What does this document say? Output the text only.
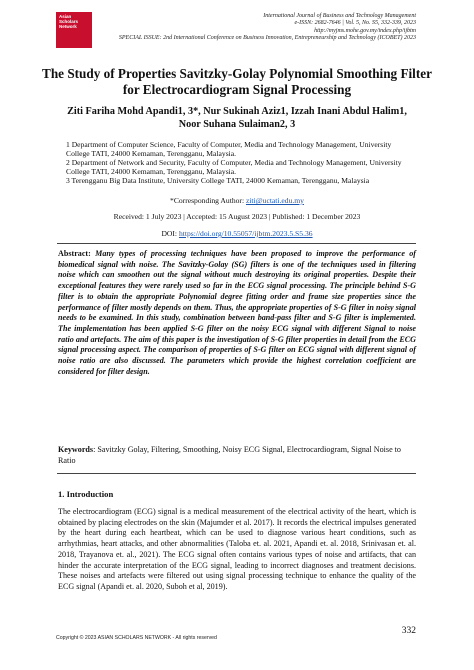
Asian
Scholars
Network
International Journal of Business and Technology Management
e-ISSN: 2682-7646 | Vol. 5, No. S5, 332-339, 2023
http://myjms.mohe.gov.my/index.php/ijbtm
SPECIAL ISSUE: 2nd International Conference on Business Innovation, Entrepreneurship and Technology (ICOBET) 2023
The Study of Properties Savitzky-Golay Polynomial Smoothing Filter for Electrocardiogram Signal Processing
Ziti Fariha Mohd Apandi1, 3*, Nur Sukinah Aziz1, Izzah Inani Abdul Halim1,
Noor Suhana Sulaiman2, 3
1 Department of Computer Science, Faculty of Computer, Media and Technology Management, University College TATI, 24000 Kemaman, Terengganu, Malaysia.
2 Department of Network and Security, Faculty of Computer, Media and Technology Management, University College TATI, 24000 Kemaman, Terengganu, Malaysia.
3 Terengganu Big Data Institute, University College TATI, 24000 Kemaman, Terengganu, Malaysia
*Corresponding Author: ziti@uctati.edu.my
Received: 1 July 2023 | Accepted: 15 August 2023 | Published: 1 December 2023
DOI: https://doi.org/10.55057/ijbtm.2023.5.S5.36
Abstract: Many types of processing techniques have been proposed to improve the performance of biomedical signal with noise. The Savitzky-Golay (SG) filters is one of the techniques used in filtering noise which can smoothen out the signal without much destroying its original properties. Despite their exceptional features they were rarely used so far in the ECG signal processing. The principle behind S-G filter is to obtain the appropriate Polynomial degree fitting order and frame size properties since the performance of filter mostly depends on them. Thus, the appropriate properties of S-G filter in noisy signal needs to be examined. In this study, combination between band-pass filter and S-G filter is implemented. The implementation has been applied S-G filter on the noisy ECG signal with different Signal to noise ratio and artefacts. The aim of this paper is the investigation of S-G filter properties in detail from the ECG signal processing aspect. The comparison of properties of S-G filter on ECG signal with different signal of noise ratio are also discussed. The parameters which provide the highest correlation coefficient are considered for filter design.
Keywords: Savitzky Golay, Filtering, Smoothing, Noisy ECG Signal, Electrocardiogram, Signal Noise to Ratio
1. Introduction
The electrocardiogram (ECG) signal is a medical measurement of the electrical activity of the heart, which is obtained by placing electrodes on the skin (Majumder et al. 2017). It records the electrical impulses generated by the heart during each heartbeat, which can be used to diagnose various heart conditions, such as arrhythmias, heart attacks, and other abnormalities (Taloba et. al. 2021, Apandi et. al. 2018, Srinivasan et. al. 2018, Trayanova et. al., 2021). The ECG signal often contains various types of noise and artifacts, that can hinder the accurate interpretation of the ECG signal, leading to incorrect diagnoses and treatment decisions. These noises and artefacts were filtered out using signal processing technique to enhance the quality of the ECG signal (Apandi et. al. 2020, Suboh et al, 2019).
332
Copyright © 2023 ASIAN SCHOLARS NETWORK - All rights reserved
